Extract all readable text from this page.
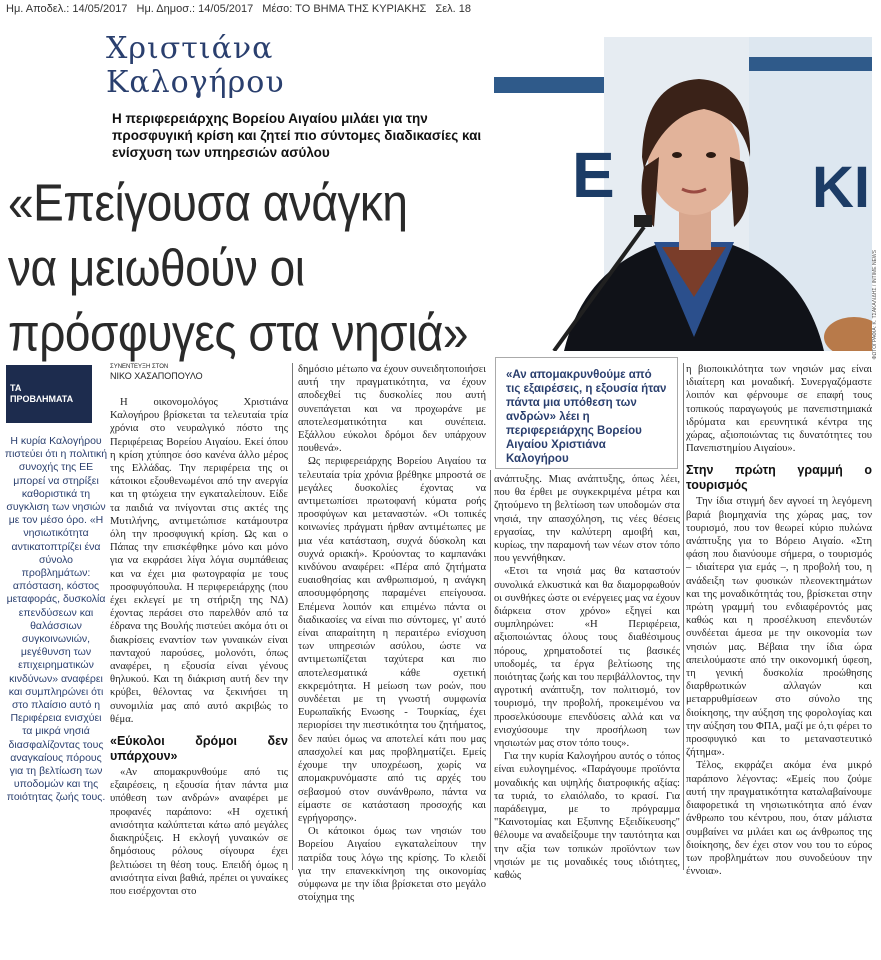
Ημ. Αποδελ.: 14/05/2017 Ημ. Δημοσ.: 14/05/2017 Μέσο: ΤΟ ΒΗΜΑ ΤΗΣ ΚΥΡΙΑΚΗΣ Σελ. 18
Χριστιάνα
Καλογήρου
Η περιφερειάρχης Βορείου Αιγαίου μιλάει για την προσφυγική κρίση και ζητεί πιο σύντομες διαδικασίες και ενίσχυση των υπηρεσιών ασύλου
«Επείγουσα ανάγκη
να μειωθούν οι
πρόσφυγες στα νησιά»
Ε	ΚΙ
ΦΩΤΟΓΡΑΦΙΑ: Κ. ΤΣΑΚΑΛΙΔΗΣ / INTIME NEWS
ΤΑ
ΠΡΟΒΛΗΜΑΤΑ
Η κυρία Καλογήρου πιστεύει ότι η πολιτική συνοχής της ΕΕ μπορεί να στηρίξει καθοριστικά τη συγκλιση των νησιών με τον μέσο όρο. «Η νησιωτικότητα αντικατοπτρίζει ένα σύνολο προβλημάτων: απόσταση, κόστος μεταφοράς, δυσκολία επενδύσεων και θαλάσσιων συγκοινωνιών, μεγέθυνση των επιχειρηματικών κινδύνων» αναφέρει και συμπληρώνει ότι στο πλαίσιο αυτό η Περιφέρεια ενισχύει τα μικρά νησιά διασφαλίζοντας τους αναγκαίους πόρους για τη βελτίωση των υποδομών και της ποιότητας ζωής τους.

ΣΥΝΕΝΤΕΥΞΗ ΣΤΟΝ

ΝΙΚΟ ΧΑΣΑΠΟΠΟΥΛΟ

Η οικονομολόγος Χριστιάνα Καλογήρου βρίσκεται τα τελευταία τρία χρόνια στο νευραλγικό πόστο της Περιφέρειας Βορείου Αιγαίου. Εκεί όπου η κρίση χτύπησε όσο κανένα άλλο μέρος της Ελλάδας. Την περιφέρεια της οι κάτοικοι εξουθενωμένοι από την ανεργία και τη φτώχεια την εγκαταλείπουν. Είδε τα παιδιά να πνίγονται στις ακτές της Μυτιλήνης, αντιμετώπισε κατάμουτρα όλη την προσφυγική κρίση. Ως και ο Πάπας την επισκέφθηκε μόνο και μόνο για να εκφράσει λίγα λόγια συμπάθειας και να έχει μια φωτογραφία με τους προσφυγόπουλα. Η περιφερειάρχης (που έχει εκλεγεί με τη στήριξη της ΝΔ) έχοντας περάσει στο παρελθόν από τα έδρανα της Βουλής πιστεύει ακόμα ότι οι διακρίσεις εναντίον των γυναικών είναι πανταχού παρούσες, μολονότι, όπως αναφέρει, η εξουσία είναι γένους θηλυκού. Και τη διάκριση αυτή δεν την κρύβει, θέλοντας να ξεκινήσει τη συνομιλία μας από αυτό ακριβώς το θέμα.

«Εύκολοι δρόμοι δεν υπάρχουν»

«Αν απομακρυνθούμε από τις εξαιρέσεις, η εξουσία ήταν πάντα μια υπόθεση των ανδρών» αναφέρει με προφανές παράπονο: «Η σχετική ανισότητα καλύπτεται κάτω από μεγάλες διακηρύξεις. Η εκλογή γυναικών σε δημόσιους ρόλους σίγουρα έχει βελτιώσει τη θέση τους. Επειδή όμως η ανισότητα είναι βαθιά, πρέπει οι γυναίκες που εισέρχονται στο

δημόσιο μέτωπο να έχουν συνειδητοποιήσει αυτή την πραγματικότητα, να έχουν αποδεχθεί τις δυσκολίες που αυτή συνεπάγεται και να προχωράνε με αποτελεσματικότητα και συνέπεια. Εξάλλου εύκολοι δρόμοι δεν υπάρχουν πουθενά».

Ως περιφερειάρχης Βορείου Αιγαίου τα τελευταία τρία χρόνια βρέθηκε μπροστά σε μεγάλες δυσκολίες έχοντας να αντιμετωπίσει πρωτοφανή κύματα ροής προσφύγων και μεταναστών. «Οι τοπικές κοινωνίες πράγματι ήρθαν αντιμέτωπες με μια νέα κατάσταση, συχνά δύσκολη και συχνά οριακή». Κρούοντας το καμπανάκι κινδύνου αναφέρει: «Πέρα από ζητήματα ευαισθησίας και ανθρωπισμού, η ανάγκη αποσυμφόρησης παραμένει επείγουσα. Επέμενα λοιπόν και επιμένω πάντα οι διαδικασίες να είναι πιο σύντομες, γι' αυτό είναι απαραίτητη η περαιτέρω ενίσχυση των υπηρεσιών ασύλου, ώστε να αντιμετωπίζεται ταχύτερα και πιο αποτελεσματικά κάθε σχετική εκκρεμότητα. Η μείωση των ροών, που συνδέεται με τη γνωστή συμφωνία Ευρωπαϊκής Ενωσης - Τουρκίας, έχει περιορίσει την πιεστικότητα του ζητήματος, δεν παύει όμως να αποτελεί κάτι που μας απασχολεί και μας προβληματίζει. Εμείς έχουμε την υποχρέωση, χωρίς να απομακρυνόμαστε από τις αρχές του σεβασμού στον συνάνθρωπο, πάντα να είμαστε σε κατάσταση προσοχής και εγρήγορσης».

Οι κάτοικοι όμως των νησιών του Βορείου Αιγαίου εγκαταλείπουν την πατρίδα τους λόγω της κρίσης. Το κλειδί για την επανεκκίνηση της οικονομίας σύμφωνα με την ίδια βρίσκεται στο μεγάλο στοίχημα της

«Αν απομακρυνθούμε από τις εξαιρέσεις, η εξουσία ήταν πάντα μια υπόθεση των ανδρών» λέει η περιφερειάρχης Βορείου Αιγαίου Χριστιάνα Καλογήρου

ανάπτυξης. Μιας ανάπτυξης, όπως λέει, που θα έρθει με συγκεκριμένα μέτρα και ζητούμενο τη βελτίωση των υποδομών στα νησιά, την απασχόληση, τις νέες θέσεις εργασίας, την καλύτερη αμοιβή και, κυρίως, την παραμονή των νέων στον τόπο που γεννήθηκαν.

«Ετσι τα νησιά μας θα καταστούν συνολικά ελκυστικά και θα διαμορφωθούν οι συνθήκες ώστε οι ενέργειες μας να έχουν διάρκεια στον χρόνο» εξηγεί και συμπληρώνει: «Η Περιφέρεια, αξιοποιώντας όλους τους διαθέσιμους πόρους, χρηματοδοτεί τις βασικές υποδομές, τα έργα βελτίωσης της ποιότητας ζωής και του περιβάλλοντος, την αγροτική ανάπτυξη, τον πολιτισμό, τον τουρισμό, την προβολή, προκειμένου να προσελκύσουμε επενδύσεις αλλά και να ενισχύσουμε την προσήλωση των νησιωτών μας στον τόπο τους».

Για την κυρία Καλογήρου αυτός ο τόπος είναι ευλογημένος. «Παράγουμε προϊόντα μοναδικής και υψηλής διατροφικής αξίας: τα τυριά, το ελαιόλαδο, το κρασί. Για παράδειγμα, με το πρόγραμμα "Καινοτομίας και Εξυπνης Εξειδίκευσης" θέλουμε να αναδείξουμε την ταυτότητα και την αξία των τοπικών προϊόντων των νησιών με τις μοναδικές τους ιδιότητες, καθώς

η βιοποικιλότητα των νησιών μας είναι ιδιαίτερη και μοναδική. Συνεργαζόμαστε λοιπόν και φέρνουμε σε επαφή τους τοπικούς παραγωγούς με πανεπιστημιακά ιδρύματα και ερευνητικά κέντρα της χώρας, αξιοποιώντας τις δυνατότητες του Πανεπιστημίου Αιγαίου».

Στην πρώτη γραμμή ο τουρισμός

Την ίδια στιγμή δεν αγνοεί τη λεγόμενη βαριά βιομηχανία της χώρας μας, τον τουρισμό, που τον θεωρεί κύριο πυλώνα ανάπτυξης για το Βόρειο Αιγαίο. «Στη φάση που διανύουμε σήμερα, ο τουρισμός – ιδιαίτερα για εμάς –, η προβολή του, η ανάδειξη των φυσικών πλεονεκτημάτων και της μοναδικότητάς του, βρίσκεται στην πρώτη γραμμή του ενδιαφέροντός μας καθώς και η προσέλκυση επενδυτών συνδέεται άμεσα με την οικονομία των νησιών μας. Βέβαια την ίδια ώρα απειλούμαστε από την οικονομική ύφεση, τη γενική δυσκολία προώθησης διαρθρωτικών αλλαγών και μεταρρυθμίσεων στο σύνολο της διοίκησης, την αύξηση της φορολογίας και την αύξηση του ΦΠΑ, μαζί με ό,τι φέρει το προσφυγικό και το μεταναστευτικό ζήτημα».

Τέλος, εκφράζει ακόμα ένα μικρό παράπονο λέγοντας: «Εμείς που ζούμε αυτή την πραγματικότητα καταλαβαίνουμε διαφορετικά τη νησιωτικότητα από έναν άνθρωπο του κέντρου, που, όταν μάλιστα συμβαίνει να μιλάει και ως άνθρωπος της διοίκησης, δεν έχει στον νου του το εύρος των προβλημάτων που συνοδεύουν την έννοια».
